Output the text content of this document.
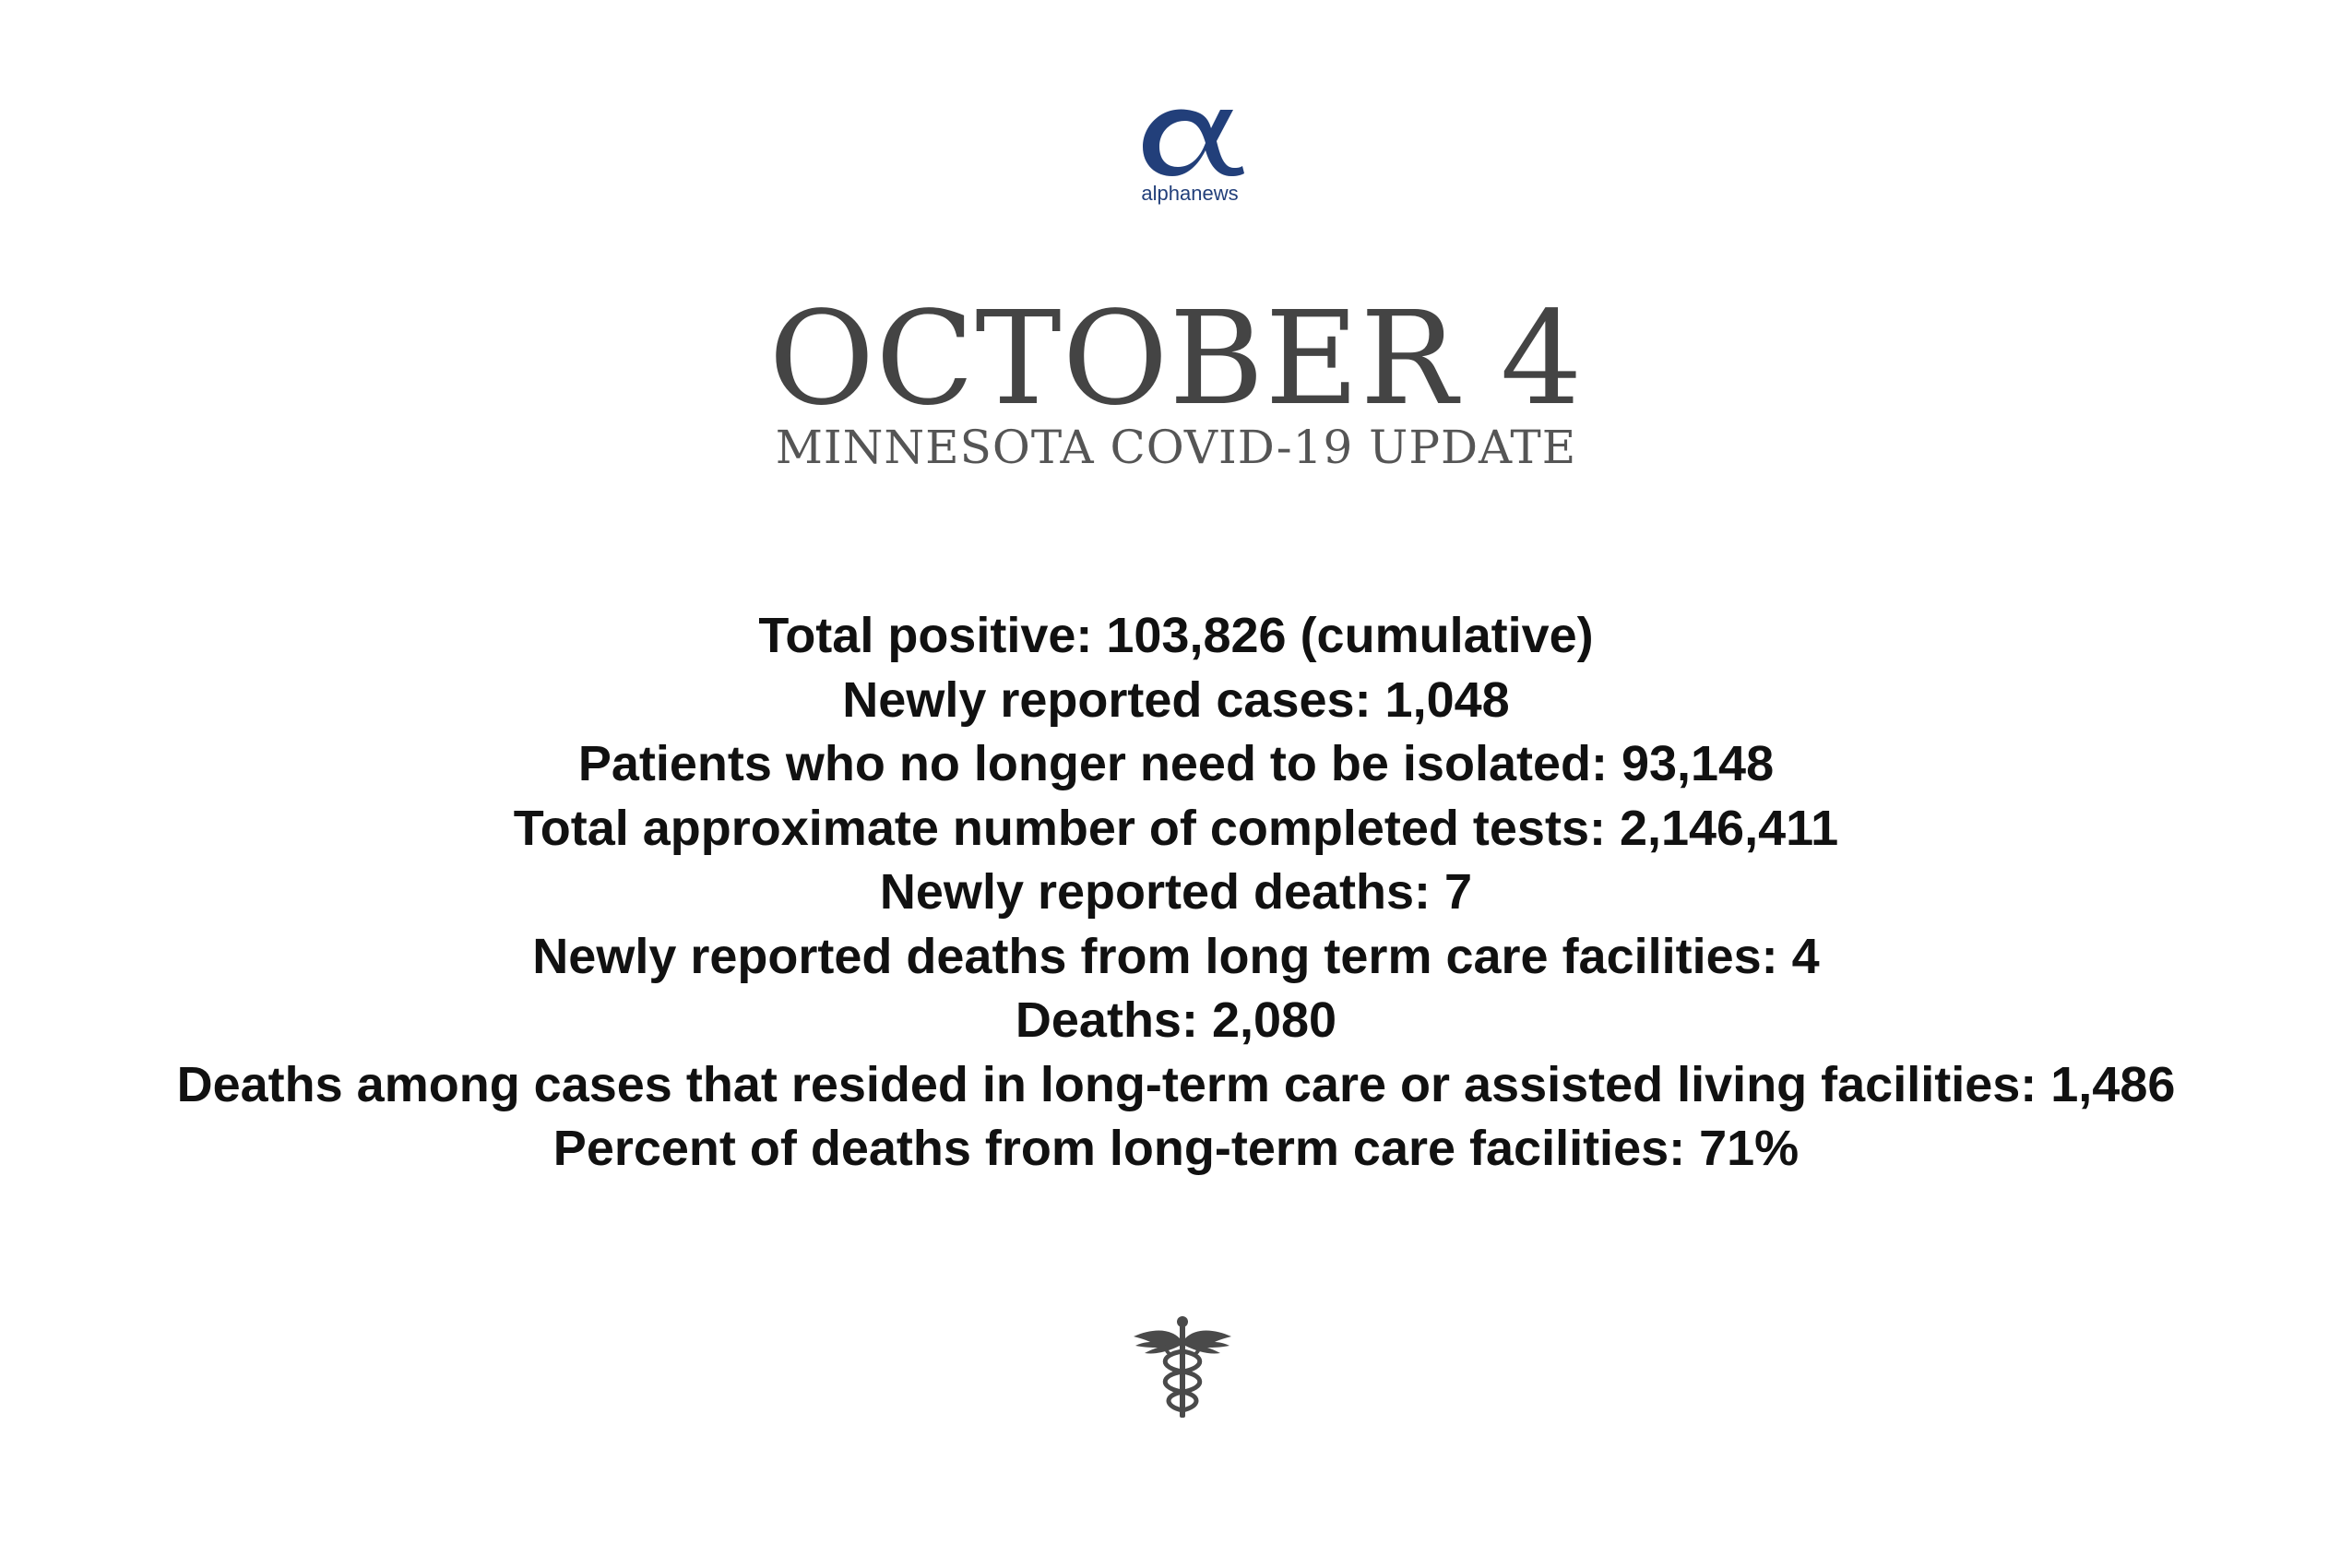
alphanews
OCTOBER 4
MINNESOTA COVID-19 UPDATE
Total positive: 103,826 (cumulative)
Newly reported cases: 1,048
Patients who no longer need to be isolated: 93,148
Total approximate number of completed tests: 2,146,411
Newly reported deaths: 7
Newly reported deaths from long term care facilities: 4
Deaths: 2,080
Deaths among cases that resided in long-term care or assisted living facilities: 1,486
Percent of deaths from long-term care facilities: 71%
